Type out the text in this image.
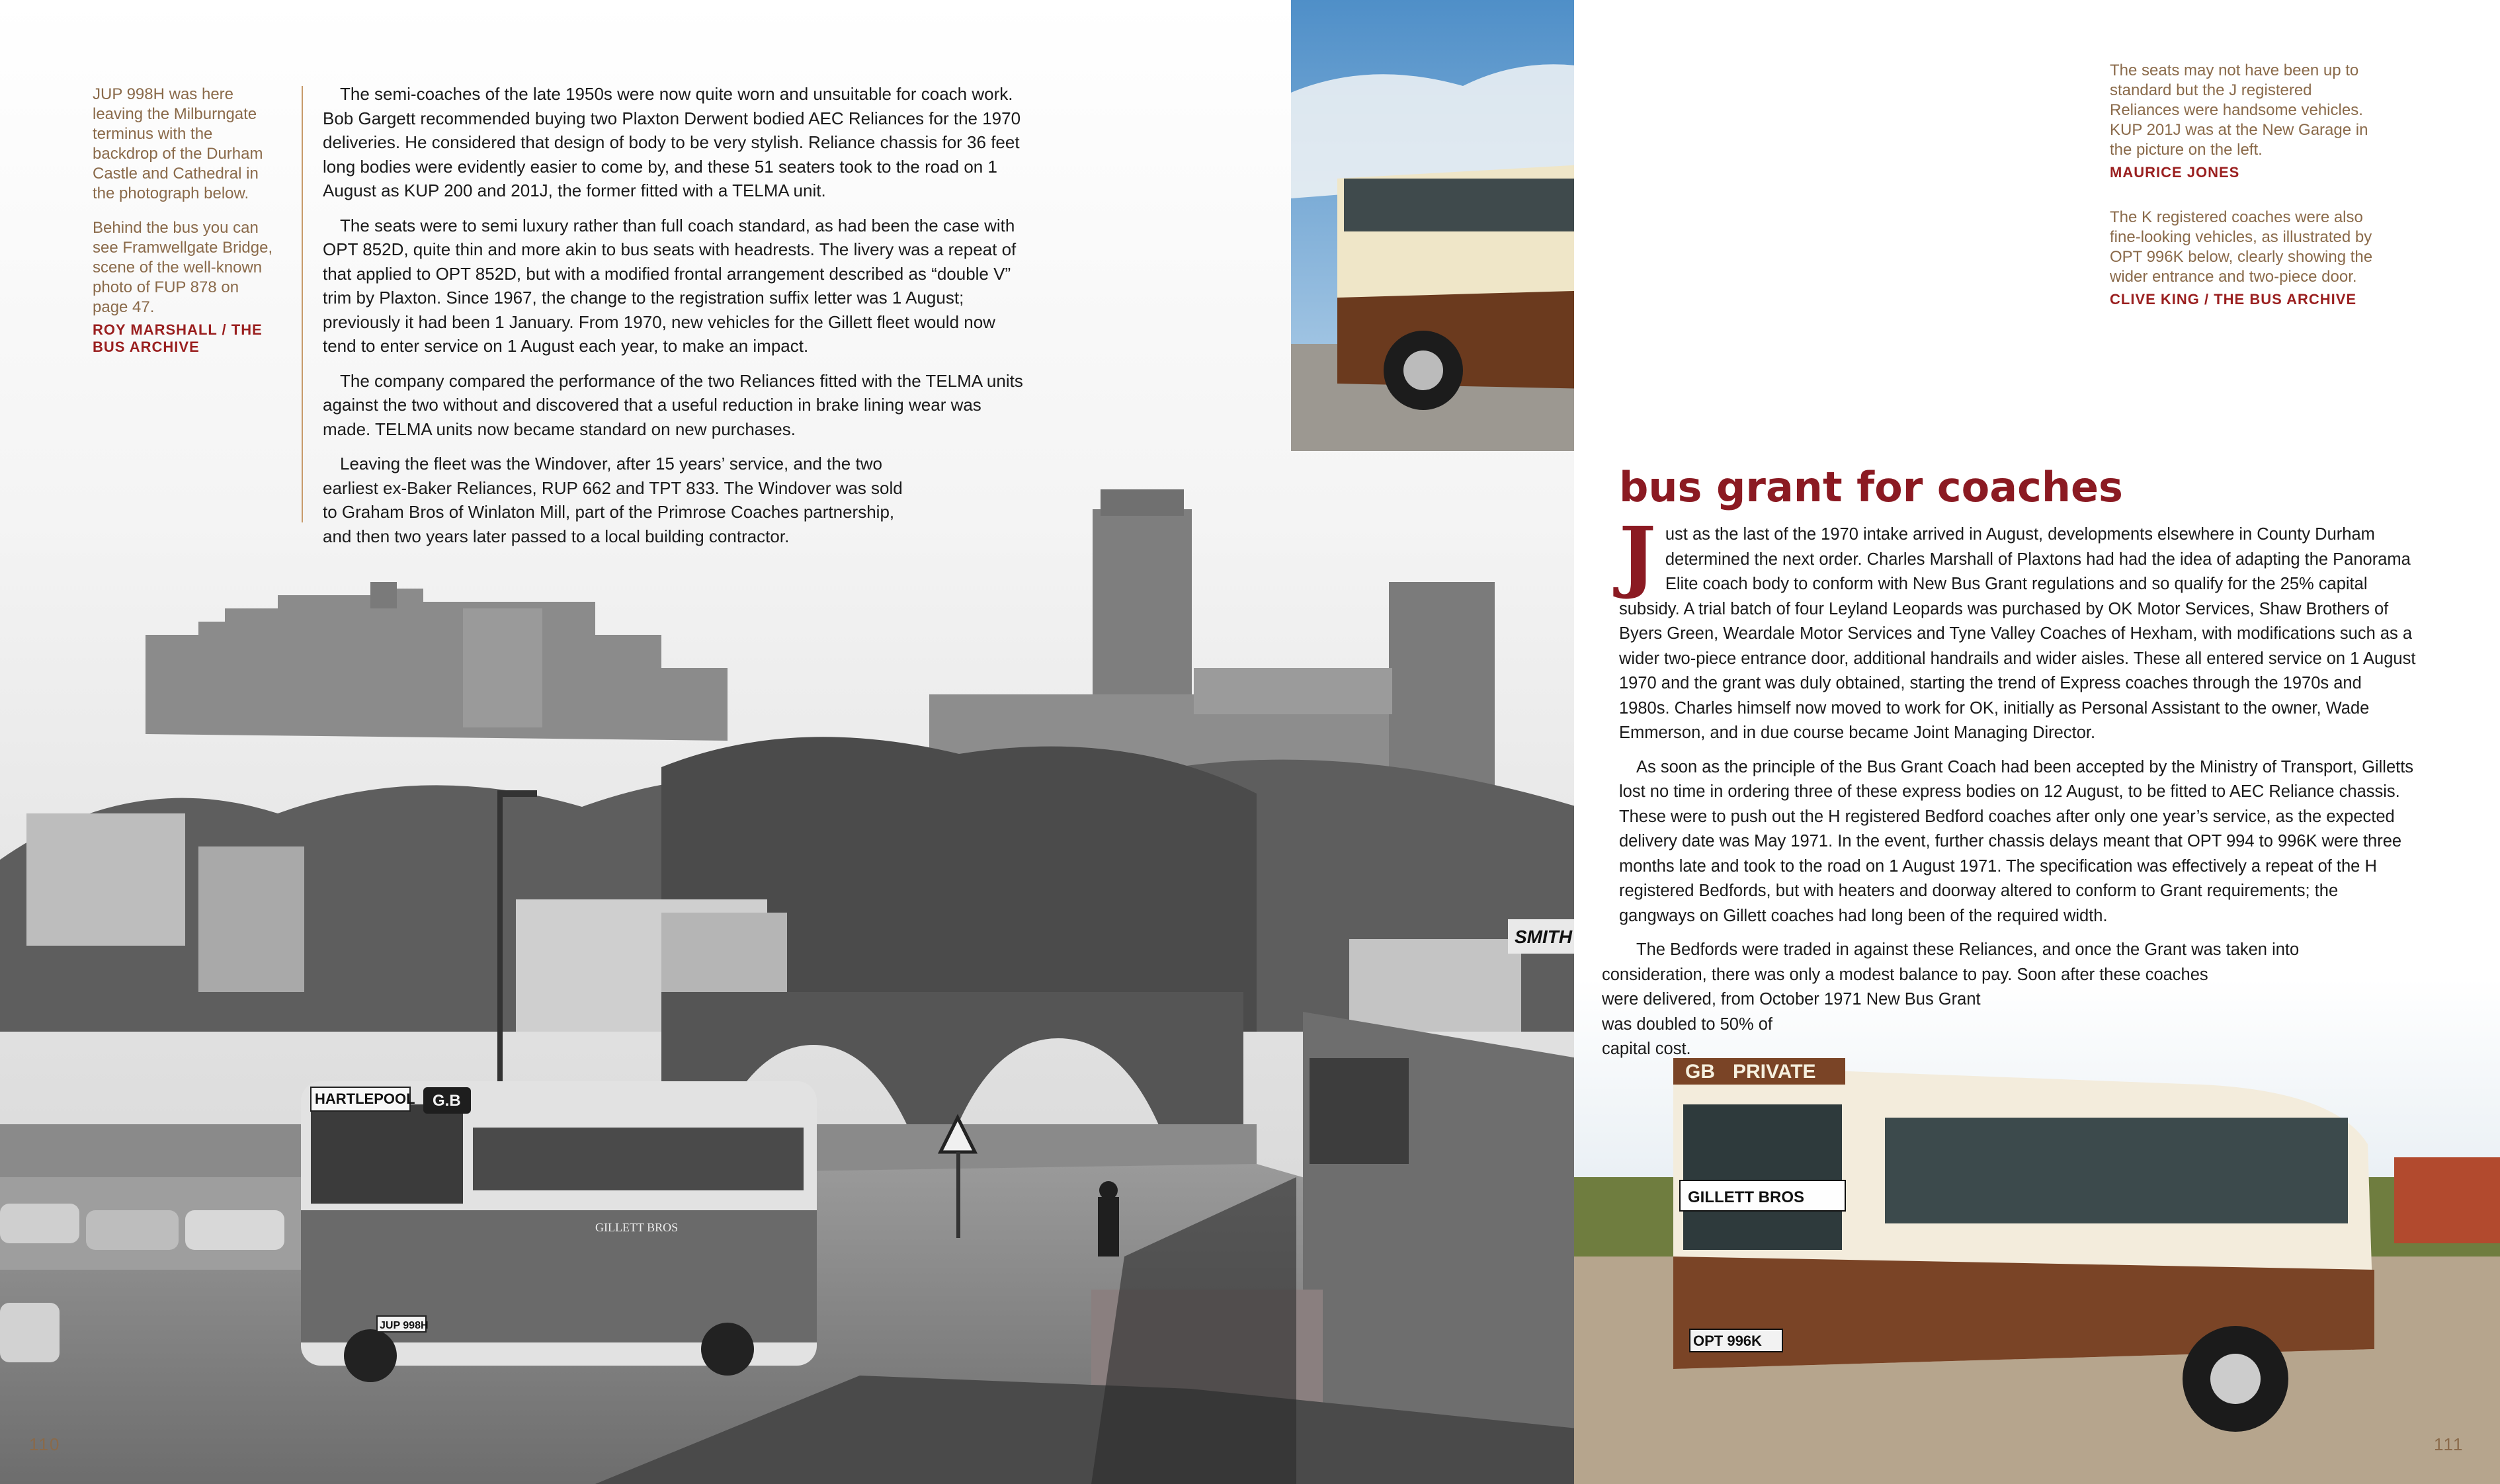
HARTLEPOOL G.B
GILLETT BROS
JUP 998H
SMITH

JUP 998H was here leaving the Milburngate terminus with the backdrop of the Durham Castle and Cathedral in the photograph below.

Behind the bus you can see Framwellgate Bridge, scene of the well-known photo of FUP 878 on page 47.

ROY MARSHALL / THE BUS ARCHIVE

The semi-coaches of the late 1950s were now quite worn and unsuitable for coach work. Bob Gargett recommended buying two Plaxton Derwent bodied AEC Reliances for the 1970 deliveries. He considered that design of body to be very stylish. Reliance chassis for 36 feet long bodies were evidently easier to come by, and these 51 seaters took to the road on 1 August as KUP 200 and 201J, the former fitted with a TELMA unit.

The seats were to semi luxury rather than full coach standard, as had been the case with OPT 852D, quite thin and more akin to bus seats with headrests. The livery was a repeat of that applied to OPT 852D, but with a modified frontal arrangement described as “double V” trim by Plaxton. Since 1967, the change to the registration suffix letter was 1 August; previously it had been 1 January. From 1970, new vehicles for the Gillett fleet would now tend to enter service on 1 August each year, to make an impact.

The company compared the performance of the two Reliances fitted with the TELMA units against the two without and discovered that a useful reduction in brake lining wear was made. TELMA units now became standard on new purchases.

Leaving the fleet was the Windover, after 15 years’ service, and the two earliest ex-Baker Reliances, RUP 662 and TPT 833. The Windover was sold to Graham Bros of Winlaton Mill, part of the Primrose Coaches partnership, and then two years later passed to a local building contractor.

110
GB PRIVATE
GILLETT BROS
OPT 996K
bus grant for coaches

Just as the last of the 1970 intake arrived in August, developments elsewhere in County Durham determined the next order. Charles Marshall of Plaxtons had had the idea of adapting the Panorama Elite coach body to conform with New Bus Grant regulations and so qualify for the 25% capital subsidy. A trial batch of four Leyland Leopards was purchased by OK Motor Services, Shaw Brothers of Byers Green, Weardale Motor Services and Tyne Valley Coaches of Hexham, with modifications such as a wider two-piece entrance door, additional handrails and wider aisles. These all entered service on 1 August 1970 and the grant was duly obtained, starting the trend of Express coaches through the 1970s and 1980s. Charles himself now moved to work for OK, initially as Personal Assistant to the owner, Wade Emmerson, and in due course became Joint Managing Director.

As soon as the principle of the Bus Grant Coach had been accepted by the Ministry of Transport, Gilletts lost no time in ordering three of these express bodies on 12 August, to be fitted to AEC Reliance chassis. These were to push out the H registered Bedford coaches after only one year’s service, as the expected delivery date was May 1971. In the event, further chassis delays meant that OPT 994 to 996K were three months late and took to the road on 1 August 1971. The specification was effectively a repeat of the H registered Bedfords, but with heaters and doorway altered to conform to Grant requirements; the gangways on Gillett coaches had long been of the required width.

The Bedfords were traded in against these Reliances, and once the Grant was taken into
consideration, there was only a modest balance to pay. Soon after these coaches
were delivered, from October 1971 New Bus Grant
was doubled to 50% of
capital cost.

111

The seats may not have been up to standard but the J registered Reliances were handsome vehicles. KUP 201J was at the New Garage in the picture on the left.

MAURICE JONES

The K registered coaches were also fine-looking vehicles, as illustrated by OPT 996K below, clearly showing the wider entrance and two-piece door.

CLIVE KING / THE BUS ARCHIVE
